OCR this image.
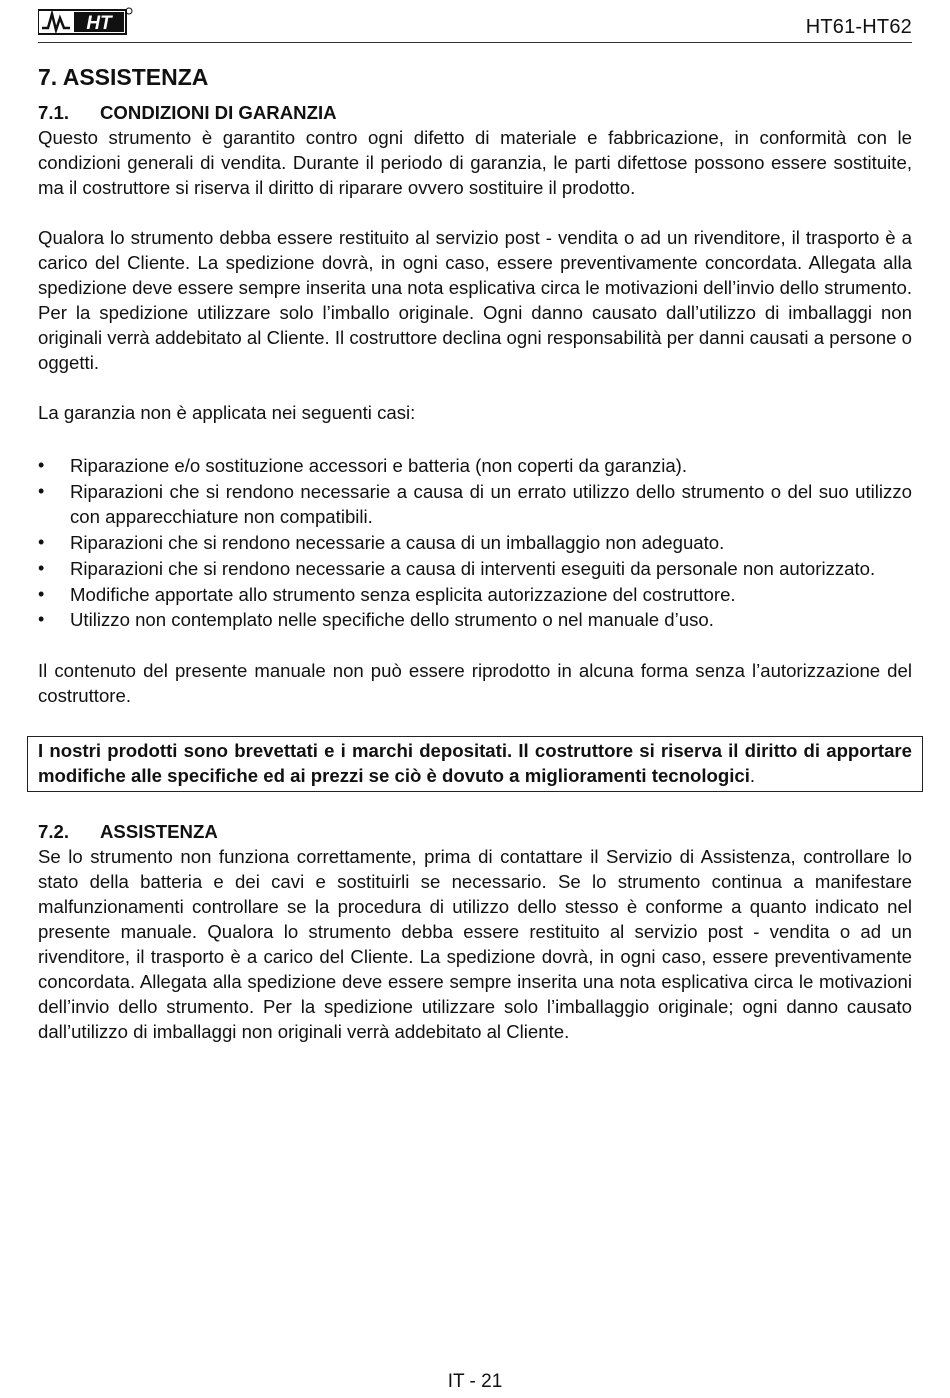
HT	HT61-HT62
7. ASSISTENZA
7.1. CONDIZIONI DI GARANZIA

Questo strumento è garantito contro ogni difetto di materiale e fabbricazione, in conformità con le condizioni generali di vendita. Durante il periodo di garanzia, le parti difettose possono essere sostituite, ma il costruttore si riserva il diritto di riparare ovvero sostituire il prodotto.

Qualora lo strumento debba essere restituito al servizio post - vendita o ad un rivenditore, il trasporto è a carico del Cliente. La spedizione dovrà, in ogni caso, essere preventivamente concordata. Allegata alla spedizione deve essere sempre inserita una nota esplicativa circa le motivazioni dell’invio dello strumento. Per la spedizione utilizzare solo l’imballo originale. Ogni danno causato dall’utilizzo di imballaggi non originali verrà addebitato al Cliente. Il costruttore declina ogni responsabilità per danni causati a persone o oggetti.

La garanzia non è applicata nei seguenti casi:

• Riparazione e/o sostituzione accessori e batteria (non coperti da garanzia).
• Riparazioni che si rendono necessarie a causa di un errato utilizzo dello strumento o del suo utilizzo con apparecchiature non compatibili.
• Riparazioni che si rendono necessarie a causa di un imballaggio non adeguato.
• Riparazioni che si rendono necessarie a causa di interventi eseguiti da personale non autorizzato.
• Modifiche apportate allo strumento senza esplicita autorizzazione del costruttore.
• Utilizzo non contemplato nelle specifiche dello strumento o nel manuale d’uso.

Il contenuto del presente manuale non può essere riprodotto in alcuna forma senza l’autorizzazione del costruttore.

I nostri prodotti sono brevettati e i marchi depositati. Il costruttore si riserva il diritto di apportare modifiche alle specifiche ed ai prezzi se ciò è dovuto a miglioramenti tecnologici.
7.2. ASSISTENZA

Se lo strumento non funziona correttamente, prima di contattare il Servizio di Assistenza, controllare lo stato della batteria e dei cavi e sostituirli se necessario. Se lo strumento continua a manifestare malfunzionamenti controllare se la procedura di utilizzo dello stesso è conforme a quanto indicato nel presente manuale. Qualora lo strumento debba essere restituito al servizio post - vendita o ad un rivenditore, il trasporto è a carico del Cliente. La spedizione dovrà, in ogni caso, essere preventivamente concordata. Allegata alla spedizione deve essere sempre inserita una nota esplicativa circa le motivazioni dell’invio dello strumento. Per la spedizione utilizzare solo l’imballaggio originale; ogni danno causato dall’utilizzo di imballaggi non originali verrà addebitato al Cliente.

IT - 21
